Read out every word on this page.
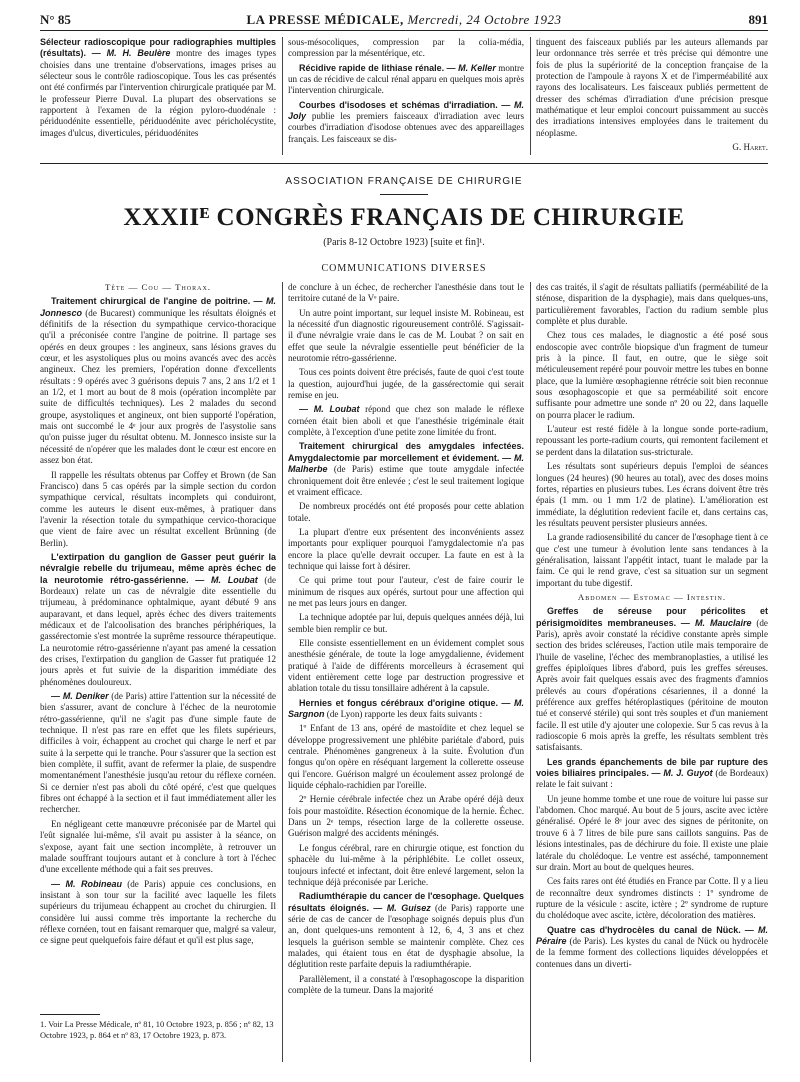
N° 85	LA PRESSE MÉDICALE, Mercredi, 24 Octobre 1923	891

Sélecteur radioscopique pour radiographies multiples (résultats). — M. H. Beulère montre des images types choisies dans une trentaine d'observations, images prises au sélecteur sous le contrôle radioscopique. Tous les cas présentés ont été confirmés par l'intervention chirurgicale pratiquée par M. le professeur Pierre Duval. La plupart des observations se rapportent à l'examen de la région pyloro-duodénale : périduodénite essentielle, périduodénite avec péricholécystite, images d'ulcus, diverticules, périduodénites

sous-mésocoliques, compression par la colia-média, compression par la mésentérique, etc.

Récidive rapide de lithiase rénale. — M. Keller montre un cas de récidive de calcul rénal apparu en quelques mois après l'intervention chirurgicale.

Courbes d'isodoses et schémas d'irradiation. — M. Joly publie les premiers faisceaux d'irradiation avec leurs courbes d'irradiation d'isodose obtenues avec des appareillages français. Les faisceaux se dis-

tinguent des faisceaux publiés par les auteurs allemands par leur ordonnance très serrée et très précise qui démontre une fois de plus la supériorité de la conception française de la protection de l'ampoule à rayons X et de l'imperméabilité aux rayons des localisateurs. Les faisceaux publiés permettent de dresser des schémas d'irradiation d'une précision presque mathématique et leur emploi concourt puissamment au succès des irradiations intensives employées dans le traitement du néoplasme.

G. Haret.

ASSOCIATION FRANÇAISE DE CHIRURGIE
XXXIIᴱ CONGRÈS FRANÇAIS DE CHIRURGIE
(Paris 8-12 Octobre 1923) [suite et fin]¹.
COMMUNICATIONS DIVERSES

Tête — Cou — Thorax.

Traitement chirurgical de l'angine de poitrine. — M. Jonnesco (de Bucarest) communique les résultats éloignés et définitifs de la résection du sympathique cervico-thoracique qu'il a préconisée contre l'angine de poitrine. Il partage ses opérés en deux groupes : les angineux, sans lésions graves du cœur, et les asystoliques plus ou moins avancés avec des accès angineux. Chez les premiers, l'opération donne d'excellents résultats : 9 opérés avec 3 guérisons depuis 7 ans, 2 ans 1/2 et 1 an 1/2, et 1 mort au bout de 8 mois (opération incomplète par suite de difficultés techniques). Les 2 malades du second groupe, asystoliques et angineux, ont bien supporté l'opération, mais ont succombé le 4ᵉ jour aux progrès de l'asystolie sans qu'on puisse juger du résultat obtenu. M. Jonnesco insiste sur la nécessité de n'opérer que les malades dont le cœur est encore en assez bon état.

Il rappelle les résultats obtenus par Coffey et Brown (de San Francisco) dans 5 cas opérés par la simple section du cordon sympathique cervical, résultats incomplets qui conduiront, comme les auteurs le disent eux-mêmes, à pratiquer dans l'avenir la résection totale du sympathique cervico-thoracique que vient de faire avec un résultat excellent Brünning (de Berlin).

L'extirpation du ganglion de Gasser peut guérir la névralgie rebelle du trijumeau, même après échec de la neurotomie rétro-gassérienne. — M. Loubat (de Bordeaux) relate un cas de névralgie dite essentielle du trijumeau, à prédominance ophtalmique, ayant débuté 9 ans auparavant, et dans lequel, après échec des divers traitements médicaux et de l'alcoolisation des branches périphériques, la gassérectomie s'est montrée la suprême ressource thérapeutique. La neurotomie rétro-gassérienne n'ayant pas amené la cessation des crises, l'extirpation du ganglion de Gasser fut pratiquée 12 jours après et fut suivie de la disparition immédiate des phénomènes douloureux.

— M. Deniker (de Paris) attire l'attention sur la nécessité de bien s'assurer, avant de conclure à l'échec de la neurotomie rétro-gassérienne, qu'il ne s'agit pas d'une simple faute de technique. Il n'est pas rare en effet que les filets supérieurs, difficiles à voir, échappent au crochet qui charge le nerf et par suite à la serpette qui le tranche. Pour s'assurer que la section est bien complète, il suffit, avant de refermer la plaie, de suspendre momentanément l'anesthésie jusqu'au retour du réflexe cornéen. Si ce dernier n'est pas aboli du côté opéré, c'est que quelques fibres ont échappé à la section et il faut immédiatement aller les rechercher.

En négligeant cette manœuvre préconisée par de Martel qui l'eût signalée lui-même, s'il avait pu assister à la séance, on s'expose, ayant fait une section incomplète, à retrouver un malade souffrant toujours autant et à conclure à tort à l'échec d'une excellente méthode qui a fait ses preuves.

— M. Robineau (de Paris) appuie ces conclusions, en insistant à son tour sur la facilité avec laquelle les filets supérieurs du trijumeau échappent au crochet du chirurgien. Il considère lui aussi comme très importante la recherche du réflexe cornéen, tout en faisant remarquer que, malgré sa valeur, ce signe peut quelquefois faire défaut et qu'il est plus sage,

1. Voir La Presse Médicale, nº 81, 10 Octobre 1923, p. 856 ; nº 82, 13 Octobre 1923, p. 864 et nº 83, 17 Octobre 1923, p. 873.

de conclure à un échec, de rechercher l'anesthésie dans tout le territoire cutané de la Vᵉ paire.

Un autre point important, sur lequel insiste M. Robineau, est la nécessité d'un diagnostic rigoureusement contrôlé. S'agissait-il d'une névralgie vraie dans le cas de M. Loubat ? on sait en effet que seule la névralgie essentielle peut bénéficier de la neurotomie rétro-gassérienne.

Tous ces points doivent être précisés, faute de quoi c'est toute la question, aujourd'hui jugée, de la gassérectomie qui serait remise en jeu.

— M. Loubat répond que chez son malade le réflexe cornéen était bien aboli et que l'anesthésie trigéminale était complète, à l'exception d'une petite zone limitée du front.

Traitement chirurgical des amygdales infectées. Amygdalectomie par morcellement et évidement. — M. Malherbe (de Paris) estime que toute amygdale infectée chroniquement doit être enlevée ; c'est le seul traitement logique et vraiment efficace.

De nombreux procédés ont été proposés pour cette ablation totale.

La plupart d'entre eux présentent des inconvénients assez importants pour expliquer pourquoi l'amygdalectomie n'a pas encore la place qu'elle devrait occuper. La faute en est à la technique qui laisse fort à désirer.

Ce qui prime tout pour l'auteur, c'est de faire courir le minimum de risques aux opérés, surtout pour une affection qui ne met pas leurs jours en danger.

La technique adoptée par lui, depuis quelques années déjà, lui semble bien remplir ce but.

Elle consiste essentiellement en un évidement complet sous anesthésie générale, de toute la loge amygdalienne, évidement pratiqué à l'aide de différents morcelleurs à écrasement qui vident entièrement cette loge par destruction progressive et ablation totale du tissu tonsillaire adhérent à la capsule.

Hernies et fongus cérébraux d'origine otique. — M. Sargnon (de Lyon) rapporte les deux faits suivants :

1º Enfant de 13 ans, opéré de mastoïdite et chez lequel se développe progressivement une phlébite pariétale d'abord, puis centrale. Phénomènes gangreneux à la suite. Évolution d'un fongus qu'on opère en réséquant largement la collerette osseuse qui l'encore. Guérison malgré un écoulement assez prolongé de liquide céphalo-rachidien par l'oreille.

2º Hernie cérébrale infectée chez un Arabe opéré déjà deux fois pour mastoïdite. Résection économique de la hernie. Échec. Dans un 2ᵉ temps, résection large de la collerette osseuse. Guérison malgré des accidents méningés.

Le fongus cérébral, rare en chirurgie otique, est fonction du sphacèle du lui-même à la périphlébite. Le collet osseux, toujours infecté et infectant, doit être enlevé largement, selon la technique déjà préconisée par Leriche.

Radiumthérapie du cancer de l'œsophage. Quelques résultats éloignés. — M. Guisez (de Paris) rapporte une série de cas de cancer de l'œsophage soignés depuis plus d'un an, dont quelques-uns remontent à 12, 6, 4, 3 ans et chez lesquels la guérison semble se maintenir complète. Chez ces malades, qui étaient tous en état de dysphagie absolue, la déglutition reste parfaite depuis la radiumthérapie.

Parallèlement, il a constaté à l'œsophagoscope la disparition complète de la tumeur. Dans la majorité

des cas traités, il s'agit de résultats palliatifs (perméabilité de la sténose, disparition de la dysphagie), mais dans quelques-uns, particulièrement favorables, l'action du radium semble plus complète et plus durable.

Chez tous ces malades, le diagnostic a été posé sous endoscopie avec contrôle biopsique d'un fragment de tumeur pris à la pince. Il faut, en outre, que le siège soit méticuleusement repéré pour pouvoir mettre les tubes en bonne place, que la lumière œsophagienne rétrécie soit bien reconnue sous œsophagoscopie et que sa perméabilité soit encore suffisante pour admettre une sonde nº 20 ou 22, dans laquelle on pourra placer le radium.

L'auteur est resté fidèle à la longue sonde porte-radium, repoussant les porte-radium courts, qui remontent facilement et se perdent dans la dilatation sus-stricturale.

Les résultats sont supérieurs depuis l'emploi de séances longues (24 heures) (90 heures au total), avec des doses moins fortes, réparties en plusieurs tubes. Les écrans doivent être très épais (1 mm. ou 1 mm 1/2 de platine). L'amélioration est immédiate, la déglutition redevient facile et, dans certains cas, les résultats peuvent persister plusieurs années.

La grande radiosensibilité du cancer de l'œsophage tient à ce que c'est une tumeur à évolution lente sans tendances à la généralisation, laissant l'appétit intact, tuant le malade par la faim. Ce qui le rend grave, c'est sa situation sur un segment important du tube digestif.

Abdomen — Estomac — Intestin.

Greffes de séreuse pour péricolites et périsigmoïdites membraneuses. — M. Mauclaire (de Paris), après avoir constaté la récidive constante après simple section des brides scléreuses, l'action utile mais temporaire de l'huile de vaseline, l'échec des membranoplasties, a utilisé les greffes épiploïques libres d'abord, puis les greffes séreuses. Après avoir fait quelques essais avec des fragments d'amnios prélevés au cours d'opérations césariennes, il a donné la préférence aux greffes hétéroplastiques (péritoine de mouton tué et conservé stérile) qui sont très souples et d'un maniement facile. Il est utile d'y ajouter une colopexie. Sur 5 cas revus à la radioscopie 6 mois après la greffe, les résultats semblent très satisfaisants.

Les grands épanchements de bile par rupture des voies biliaires principales. — M. J. Guyot (de Bordeaux) relate le fait suivant :

Un jeune homme tombe et une roue de voiture lui passe sur l'abdomen. Choc marqué. Au bout de 5 jours, ascite avec ictère généralisé. Opéré le 8ᵉ jour avec des signes de péritonite, on trouve 6 à 7 litres de bile pure sans caillots sanguins. Pas de lésions intestinales, pas de déchirure du foie. Il existe une plaie latérale du cholédoque. Le ventre est asséché, tamponnement sur drain. Mort au bout de quelques heures.

Ces faits rares ont été étudiés en France par Cotte. Il y a lieu de reconnaître deux syndromes distincts : 1º syndrome de rupture de la vésicule : ascite, ictère ; 2º syndrome de rupture du cholédoque avec ascite, ictère, décoloration des matières.

Quatre cas d'hydrocèles du canal de Nück. — M. Péraire (de Paris). Les kystes du canal de Nück ou hydrocèle de la femme forment des collections liquides développées et contenues dans un diverti-
